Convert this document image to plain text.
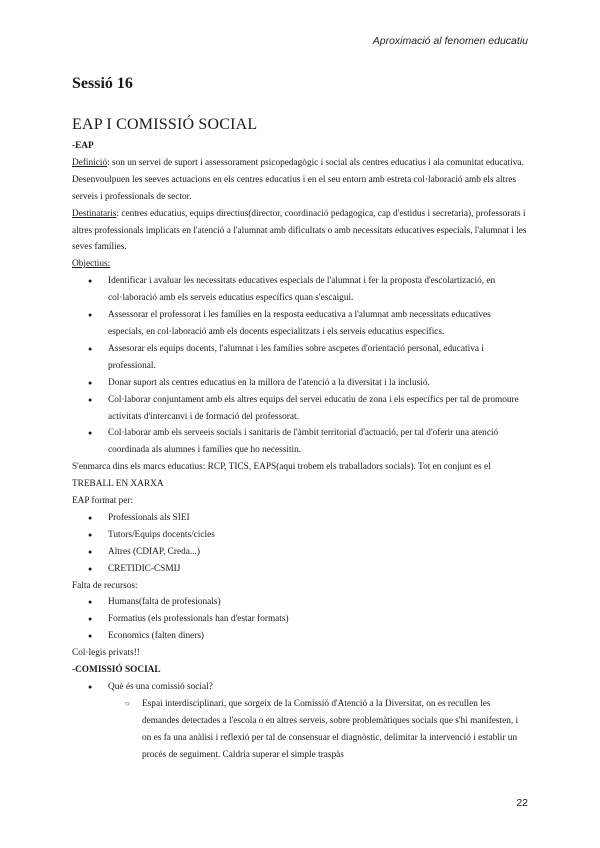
Aproximació al fenomen educatiu
Sessió 16
EAP I COMISSIÓ SOCIAL

-EAP

Definició: son un servei de suport i assessorament psicopedagògic i social als centres educatius i ala comunitat educativa. Desenvoulpuen les seeves actuacions en els centres educatius i en el seu entorn amb estreta col·laboració amb els altres serveis i professionals de sector.

Destinataris: centres educatius, equips directius(director, coordinació pedagogica, cap d'estidus i secretaria), professorats i altres professionals implicats en l'atenció a l'alumnat amb dificultats o amb necessitats educatives especials, l'alumnat i les seves famílies.

Objectius:

● Identificar i avaluar les necessitats educatives especials de l'alumnat i fer la proposta d'escolartizació, en col·laboració amb els serveis educatius específics quan s'escaigui.
● Assessorar el professorat i les famílies en la resposta eeducativa a l'alumnat amb necessitats educatives especials, en col·laboració amb els docents especialitzats i els serveis educatius específics.
● Assesorar els equips docents, l'alumnat i les famílies sobre ascpetes d'orientació personal, educativa i professional.
● Donar suport als centres educatius en la millora de l'atenció a la diversitat i la inclusió.
● Col·laborar conjuntament amb els altres equips del servei educatiu de zona i els específics per tal de promoure activitats d'intercanvi i de formació del professorat.
● Col·laborar amb els serveeis socials i sanitaris de l'àmbit territorial d'actuació, per tal d'oferir una atenció coordinada als alumnes i famílies que ho necessitin.

S'enmarca dins els marcs educatius: RCP, TICS, EAPS(aqui trobem els traballadors socials). Tot en conjunt es el TREBALL EN XARXA

EAP format per:

● Professionals als SIEI
● Tutors/Equips docents/cicles
● Altres (CDIAP, Creda...)
● CRETIDIC-CSMIJ

Falta de recursos:

● Humans(falta de profesionals)
● Formatius (els professionals han d'estar formats)
● Economics (falten diners)

Col·legis privats!!

-COMISSIÓ SOCIAL

● Què és una comissió social?
○ Espai interdisciplinari, que sorgeix de la Comissió d'Atenció a la Diversitat, on es recullen les demandes detectades a l'escola o en altres serveis, sobre problemàtiques socials que s'hi manifesten, i on es fa una anàlisi i reflexió per tal de consensuar el diagnòstic, delimitar la intervenció i establir un procés de seguiment. Caldria superar el simple traspàs
22
